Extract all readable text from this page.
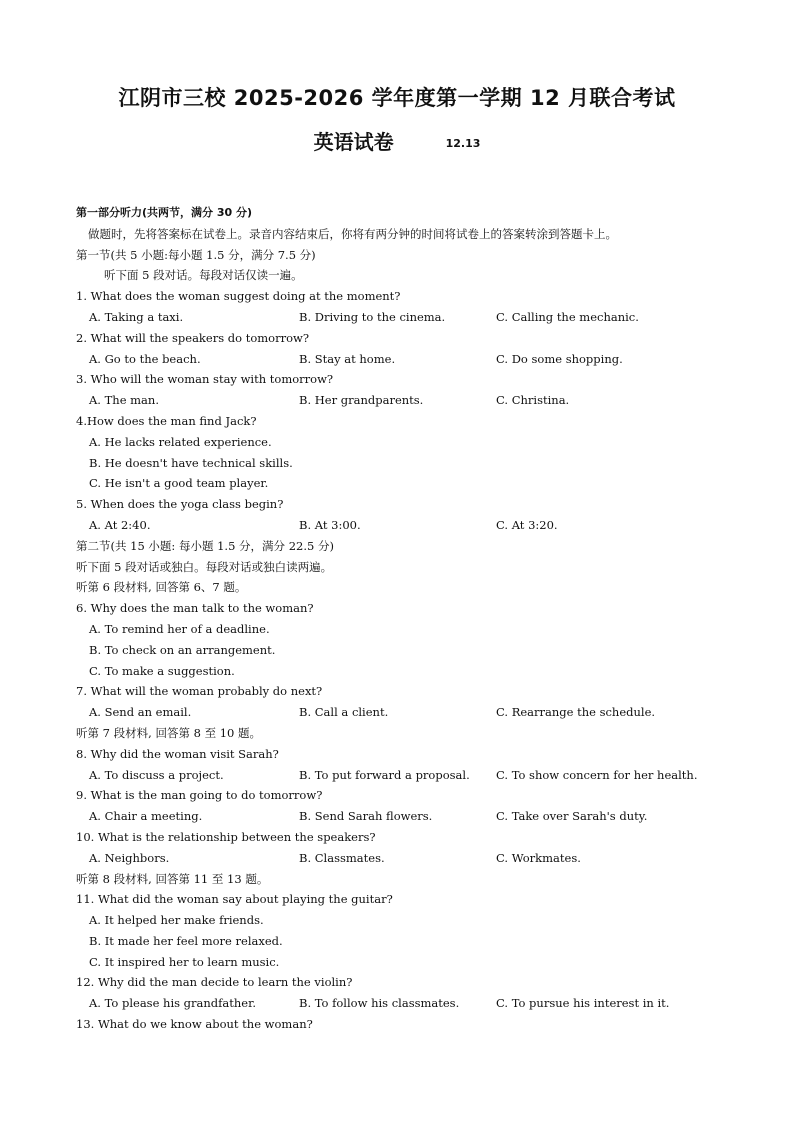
江阴市三校 2025-2026 学年度第一学期 12 月联合考试
英语试卷	12.13
第一部分听力(共两节，满分 30 分)
做题时，先将答案标在试卷上。录音内容结束后，你将有两分钟的时间将试卷上的答案转涂到答题卡上。
第一节(共 5 小题:每小题 1.5 分，满分 7.5 分)
听下面 5 段对话。每段对话仅读一遍。
1. What does the woman suggest doing at the moment?
A. Taking a taxi.	B. Driving to the cinema.	C. Calling the mechanic.
2. What will the speakers do tomorrow?
A. Go to the beach.	B. Stay at home.	C. Do some shopping.
3. Who will the woman stay with tomorrow?
A. The man.	B. Her grandparents.	C. Christina.
4.How does the man find Jack?
A. He lacks related experience.
B. He doesn't have technical skills.
C. He isn't a good team player.
5. When does the yoga class begin?
A. At 2:40.	B. At 3:00.	C. At 3:20.
第二节(共 15 小题: 每小题 1.5 分，满分 22.5 分)
听下面 5 段对话或独白。每段对话或独白读两遍。
听第 6 段材料, 回答第 6、7 题。
6. Why does the man talk to the woman?
A. To remind her of a deadline.
B. To check on an arrangement.
C. To make a suggestion.
7. What will the woman probably do next?
A. Send an email.	B. Call a client.	C. Rearrange the schedule.
听第 7 段材料, 回答第 8 至 10 题。
8. Why did the woman visit Sarah?
A. To discuss a project.	B. To put forward a proposal. C. To show concern for her health.
9. What is the man going to do tomorrow?
A. Chair a meeting.	B. Send Sarah flowers.	C. Take over Sarah's duty.
10. What is the relationship between the speakers?
A. Neighbors.	B. Classmates.	C. Workmates.
听第 8 段材料, 回答第 11 至 13 题。
11. What did the woman say about playing the guitar?
A. It helped her make friends.
B. It made her feel more relaxed.
C. It inspired her to learn music.
12. Why did the man decide to learn the violin?
A. To please his grandfather.	B. To follow his classmates.	C. To pursue his interest in it.
13. What do we know about the woman?
